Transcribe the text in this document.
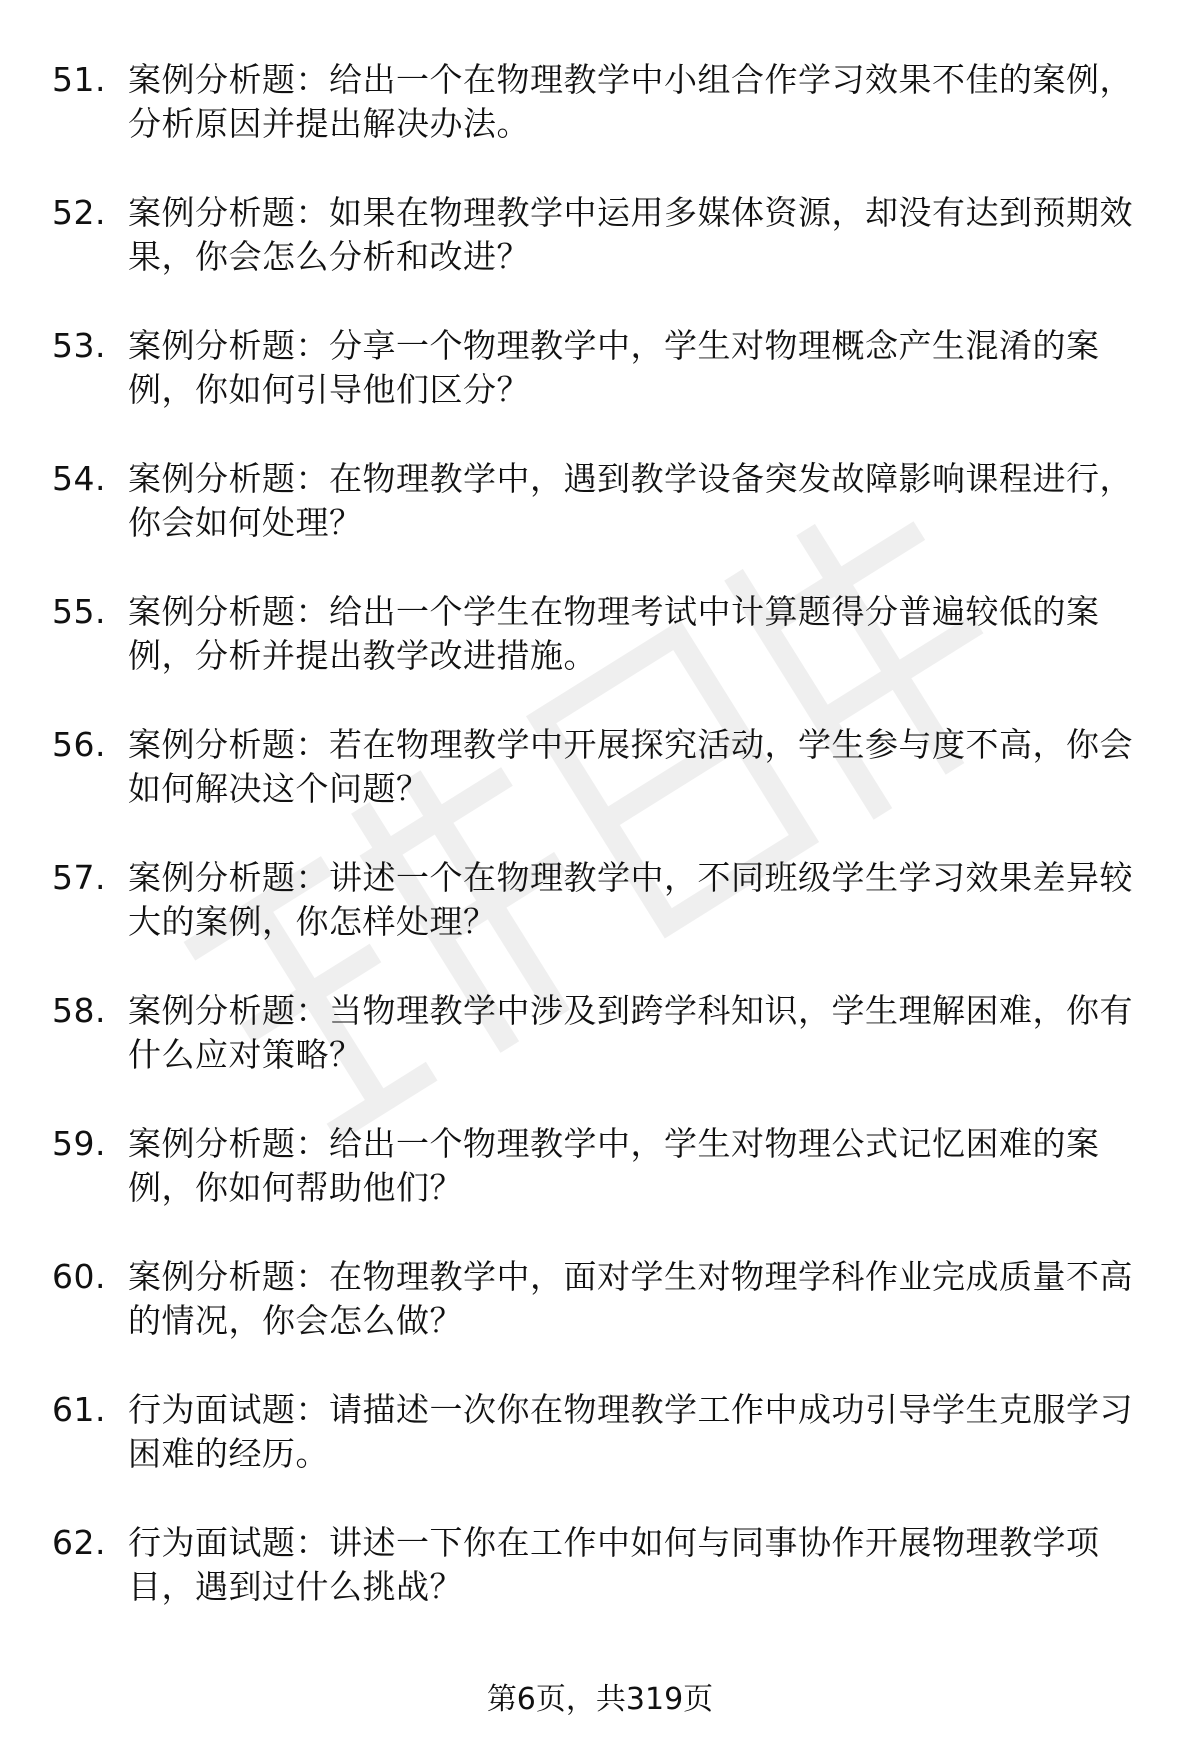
51. 案例分析题：给出一个在物理教学中小组合作学习效果不佳的案例，分析原因并提出解决办法。
52. 案例分析题：如果在物理教学中运用多媒体资源，却没有达到预期效果，你会怎么分析和改进？
53. 案例分析题：分享一个物理教学中，学生对物理概念产生混淆的案例，你如何引导他们区分？
54. 案例分析题：在物理教学中，遇到教学设备突发故障影响课程进行，你会如何处理？
55. 案例分析题：给出一个学生在物理考试中计算题得分普遍较低的案例，分析并提出教学改进措施。
56. 案例分析题：若在物理教学中开展探究活动，学生参与度不高，你会如何解决这个问题？
57. 案例分析题：讲述一个在物理教学中，不同班级学生学习效果差异较大的案例，你怎样处理？
58. 案例分析题：当物理教学中涉及到跨学科知识，学生理解困难，你有什么应对策略？
59. 案例分析题：给出一个物理教学中，学生对物理公式记忆困难的案例，你如何帮助他们？
60. 案例分析题：在物理教学中，面对学生对物理学科作业完成质量不高的情况，你会怎么做？
61. 行为面试题：请描述一次你在物理教学工作中成功引导学生克服学习困难的经历。
62. 行为面试题：讲述一下你在工作中如何与同事协作开展物理教学项目，遇到过什么挑战？
第6页，共319页
